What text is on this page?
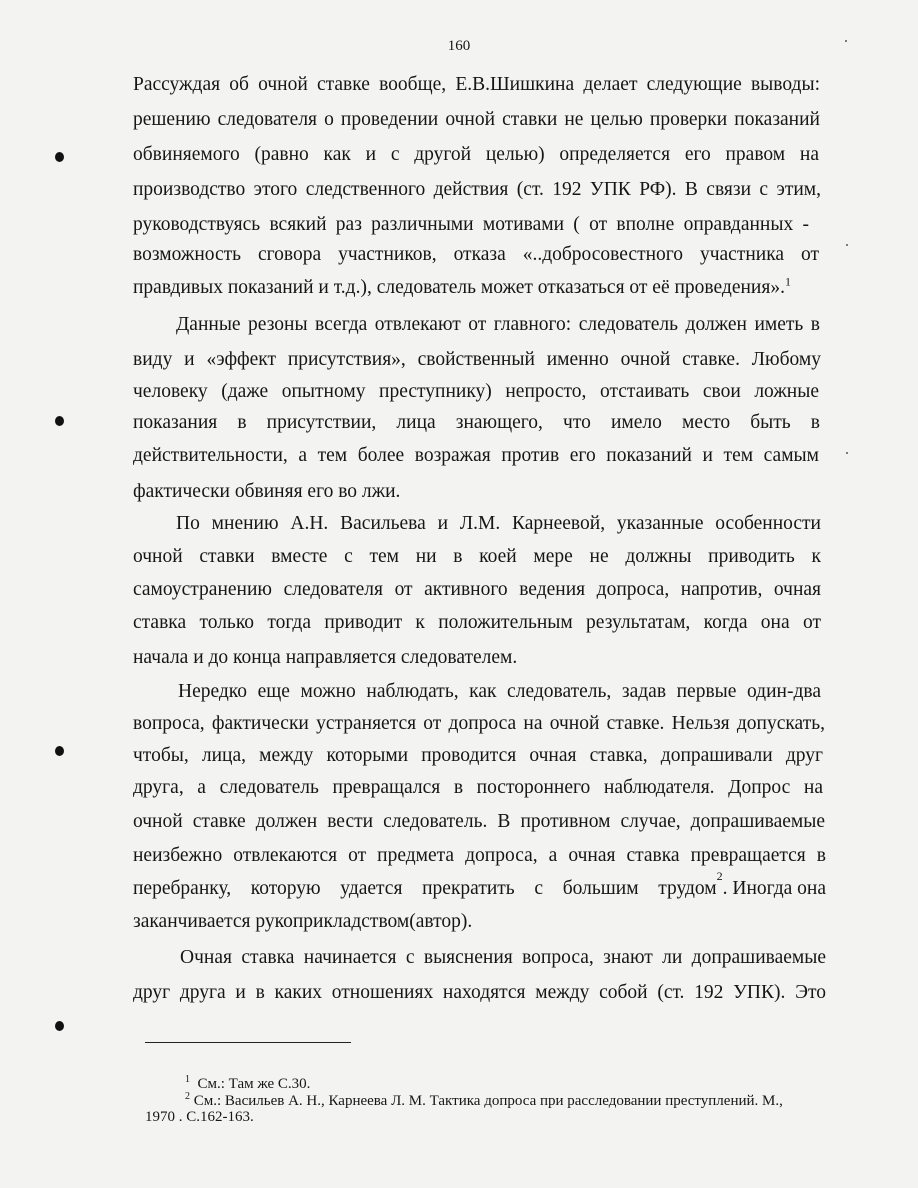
160
Рассуждая об очной ставке вообще, Е.В.Шишкина делает следующие выводы:
решению следователя о проведении очной ставки не целью проверки показаний
обвиняемого (равно как и с другой целью) определяется его правом на
производство этого следственного действия (ст. 192 УПК РФ). В связи с этим,
руководствуясь всякий раз различными мотивами ( от вполне оправданных -
возможность сговора участников, отказа «..добросовестного участника от
правдивых показаний и т.д.), следователь может отказаться от её проведения».$^1$
Данные резоны всегда отвлекают от главного: следователь должен иметь в
виду и «эффект присутствия», свойственный именно очной ставке. Любому
человеку (даже опытному преступнику) непросто, отстаивать свои ложные
показания в присутствии, лица знающего, что имело место быть в
действительности, а тем более возражая против его показаний и тем самым
фактически обвиняя его во лжи.
По мнению А.Н. Васильева и Л.М. Карнеевой, указанные особенности
очной ставки вместе с тем ни в коей мере не должны приводить к
самоустранению следователя от активного ведения допроса, напротив, очная
ставка только тогда приводит к положительным результатам, когда она от
начала и до конца направляется следователем.
Нередко еще можно наблюдать, как следователь, задав первые один-два
вопроса, фактически устраняется от допроса на очной ставке. Нельзя допускать,
чтобы, лица, между которыми проводится очная ставка, допрашивали друг
друга, а следователь превращался в постороннего наблюдателя. Допрос на
очной ставке должен вести следователь. В противном случае, допрашиваемые
неизбежно отвлекаются от предмета допроса, а очная ставка превращается в
перебранку, которую удается прекратить с большим трудом
2
. Иногда она
заканчивается рукоприкладством(автор).
Очная ставка начинается с выяснения вопроса, знают ли допрашиваемые
друг друга и в каких отношениях находятся между собой (ст. 192 УПК). Это
$^1$ См.: Там же С.30.
$^2$ См.: Васильев А. Н., Карнеева Л. М. Тактика допроса при расследовании преступлений. М.,
1970 . С.162-163.
